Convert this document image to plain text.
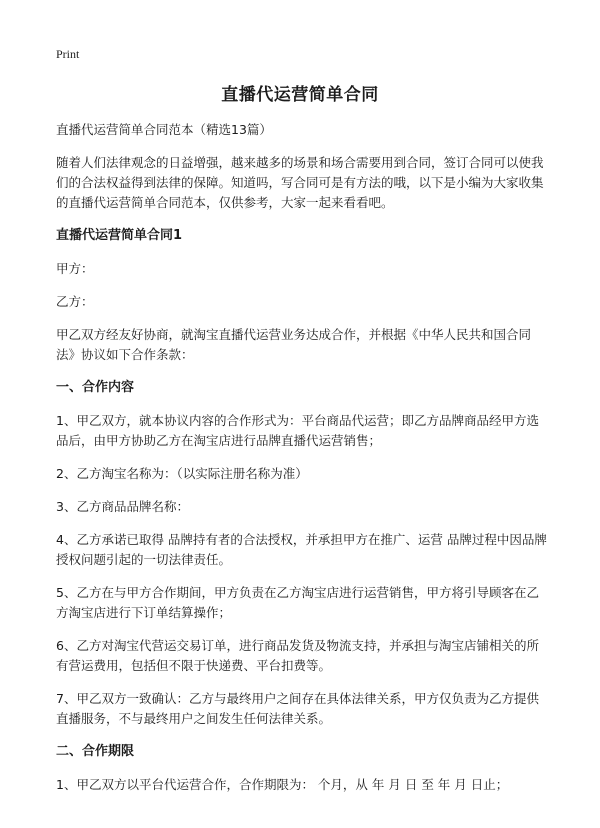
Print
直播代运营简单合同

直播代运营简单合同范本（精选13篇）

随着人们法律观念的日益增强，越来越多的场景和场合需要用到合同，签订合同可以使我们的合法权益得到法律的保障。知道吗，写合同可是有方法的哦，以下是小编为大家收集的直播代运营简单合同范本，仅供参考，大家一起来看看吧。

直播代运营简单合同1

甲方：

乙方：

甲乙双方经友好协商，就淘宝直播代运营业务达成合作，并根据《中华人民共和国合同法》协议如下合作条款：

一、合作内容

1、甲乙双方，就本协议内容的合作形式为：平台商品代运营；即乙方品牌商品经甲方选品后，由甲方协助乙方在淘宝店进行品牌直播代运营销售；

2、乙方淘宝名称为：（以实际注册名称为准）

3、乙方商品品牌名称：

4、乙方承诺已取得 品牌持有者的合法授权，并承担甲方在推广、运营 品牌过程中因品牌授权问题引起的一切法律责任。

5、乙方在与甲方合作期间，甲方负责在乙方淘宝店进行运营销售，甲方将引导顾客在乙方淘宝店进行下订单结算操作；

6、乙方对淘宝代营运交易订单，进行商品发货及物流支持，并承担与淘宝店铺相关的所有营运费用，包括但不限于快递费、平台扣费等。

7、甲乙双方一致确认：乙方与最终用户之间存在具体法律关系，甲方仅负责为乙方提供直播服务，不与最终用户之间发生任何法律关系。

二、合作期限

1、甲乙双方以平台代运营合作，合作期限为： 个月，从 年 月 日 至 年 月 日止；
